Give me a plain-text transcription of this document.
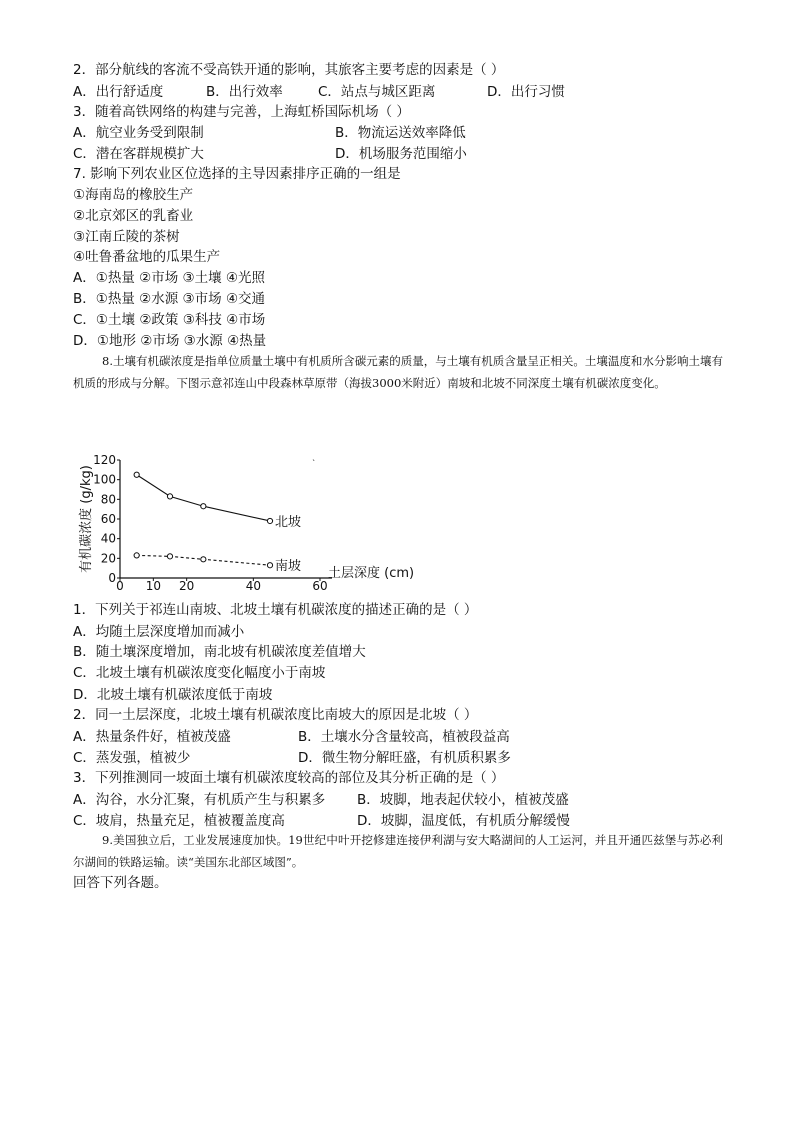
2．部分航线的客流不受高铁开通的影响，其旅客主要考虑的因素是（ ）
A．出行舒适度	B．出行效率	C．站点与城区距离	D．出行习惯
3．随着高铁网络的构建与完善，上海虹桥国际机场（ ）
A．航空业务受到限制	B．物流运送效率降低
C．潜在客群规模扩大	D．机场服务范围缩小
7. 影响下列农业区位选择的主导因素排序正确的一组是
①海南岛的橡胶生产
②北京郊区的乳畜业
③江南丘陵的茶树
④吐鲁番盆地的瓜果生产
A．①热量 ②市场 ③土壤 ④光照
B．①热量 ②水源 ③市场 ④交通
C．①土壤 ②政策 ③科技 ④市场
D．①地形 ②市场 ③水源 ④热量
8.土壤有机碳浓度是指单位质量土壤中有机质所含碳元素的质量，与土壤有机质含量呈正相关。土壤温度和水分影响土壤有机质的形成与分解。下图示意祁连山中段森林草原带（海拔3000米附近）南坡和北坡不同深度土壤有机碳浓度变化。
有机碳浓度 (g/kg)
0
20
40
60
80
100
120
0 10 20	40	60
北坡
南坡 土层深度 (cm)
ˋ
1．下列关于祁连山南坡、北坡土壤有机碳浓度的描述正确的是（ ）
A．均随土层深度增加而减小
B．随土壤深度增加，南北坡有机碳浓度差值增大
C．北坡土壤有机碳浓度变化幅度小于南坡
D．北坡土壤有机碳浓度低于南坡
2．同一土层深度，北坡土壤有机碳浓度比南坡大的原因是北坡（ ）
A．热量条件好，植被茂盛	B．土壤水分含量较高，植被段益高
C．蒸发强，植被少	D．微生物分解旺盛，有机质积累多
3．下列推测同一坡面土壤有机碳浓度较高的部位及其分析正确的是（ ）
A．沟谷，水分汇聚，有机质产生与积累多 B．坡脚，地表起伏较小，植被茂盛
C．坡肩，热量充足，植被覆盖度高	D．坡脚，温度低，有机质分解缓慢
9.美国独立后，工业发展速度加快。19世纪中叶开挖修建连接伊利湖与安大略湖间的人工运河，并且开通匹兹堡与苏必利尔湖间的铁路运输。读“美国东北部区域图”。
回答下列各题。
